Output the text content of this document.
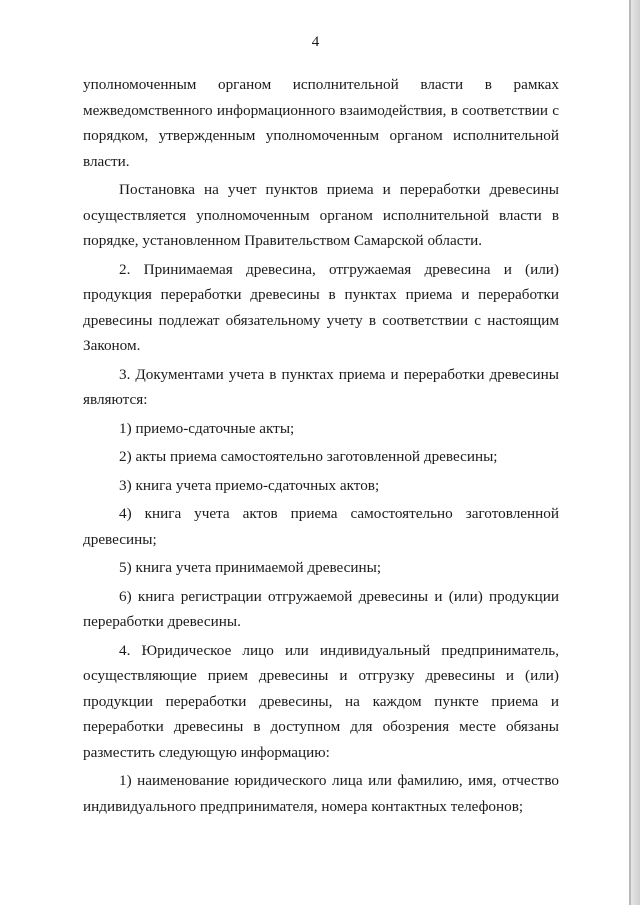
4

уполномоченным органом исполнительной власти в рамках межведомственного информационного взаимодействия, в соответствии с порядком, утвержденным уполномоченным органом исполнительной власти.

Постановка на учет пунктов приема и переработки древесины осуществляется уполномоченным органом исполнительной власти в порядке, установленном Правительством Самарской области.

2. Принимаемая древесина, отгружаемая древесина и (или) продукция переработки древесины в пунктах приема и переработки древесины подлежат обязательному учету в соответствии с настоящим Законом.

3. Документами учета в пунктах приема и переработки древесины являются:

1) приемо-сдаточные акты;

2) акты приема самостоятельно заготовленной древесины;

3) книга учета приемо-сдаточных актов;

4) книга учета актов приема самостоятельно заготовленной древесины;

5) книга учета принимаемой древесины;

6) книга регистрации отгружаемой древесины и (или) продукции переработки древесины.

4. Юридическое лицо или индивидуальный предприниматель, осуществляющие прием древесины и отгрузку древесины и (или) продукции переработки древесины, на каждом пункте приема и переработки древесины в доступном для обозрения месте обязаны разместить следующую информацию:

1) наименование юридического лица или фамилию, имя, отчество индивидуального предпринимателя, номера контактных телефонов;
